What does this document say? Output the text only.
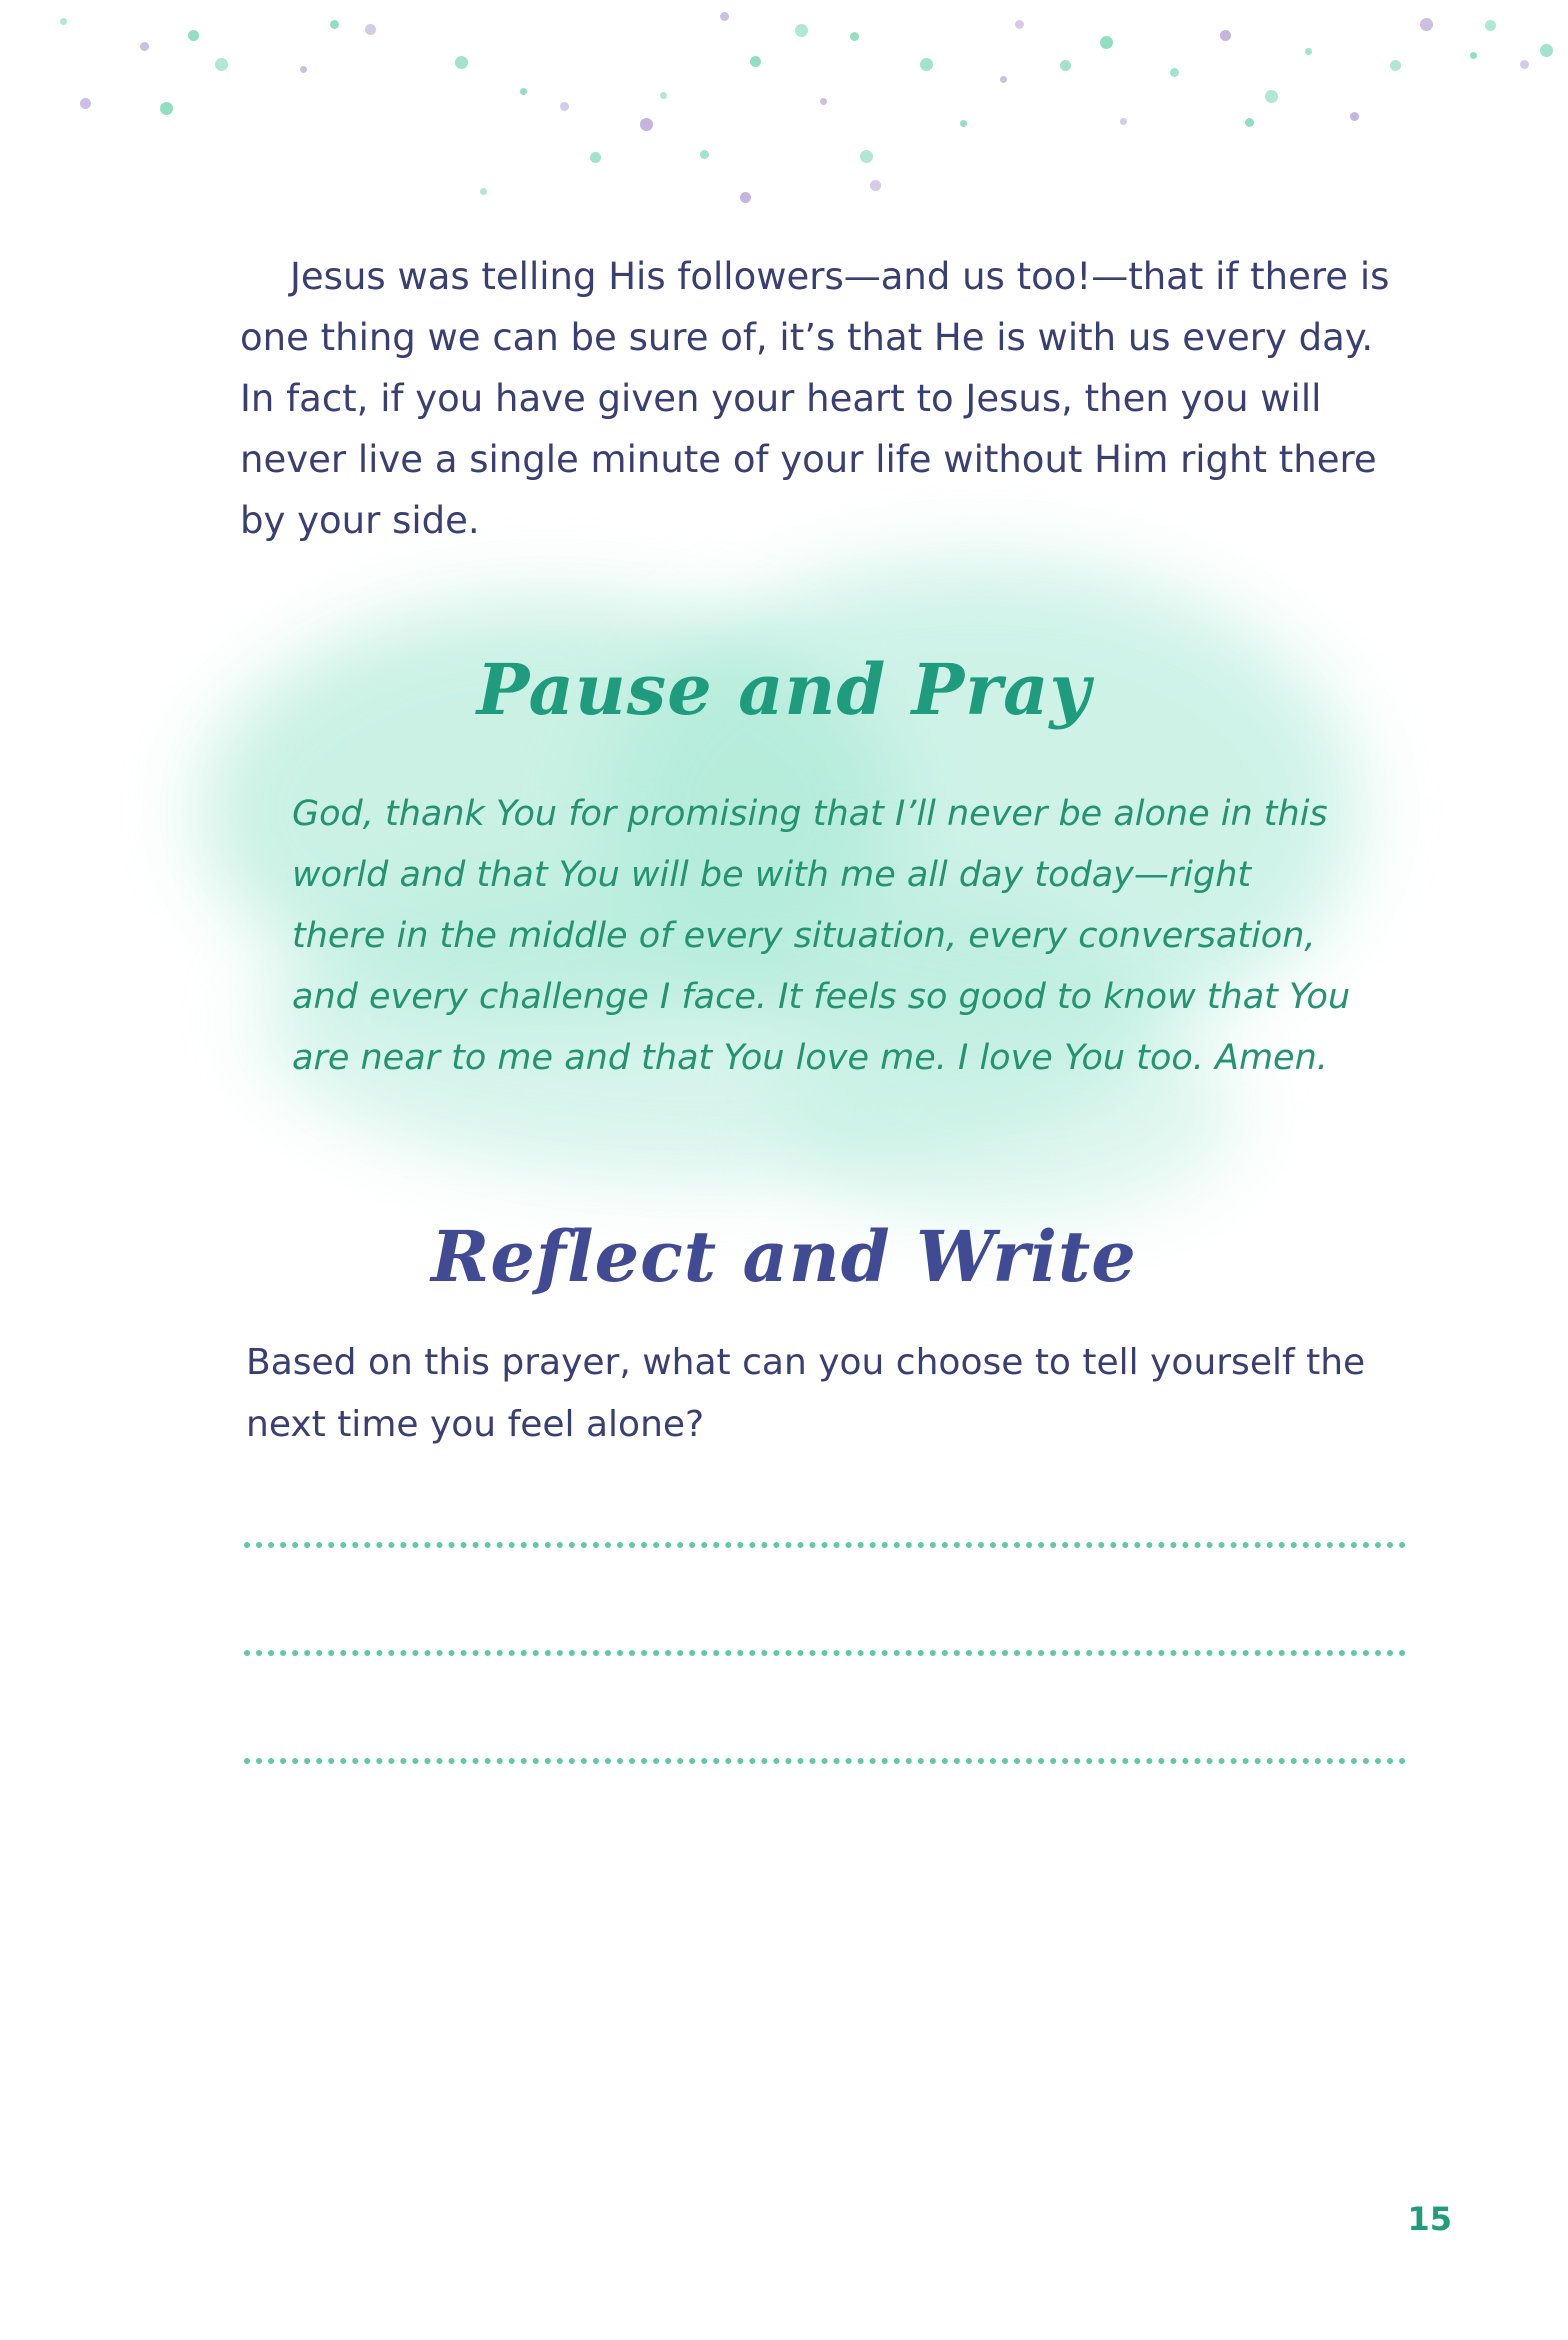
Jesus was telling His followers—and us too!—that if there is one thing we can be sure of, it’s that He is with us every day. In fact, if you have given your heart to Jesus, then you will never live a single minute of your life without Him right there by your side.

Pause and Pray

God, thank You for promising that I’ll never be alone in this world and that You will be with me all day today—right there in the middle of every situation, every conversation, and every challenge I face. It feels so good to know that You are near to me and that You love me. I love You too. Amen.

Reflect and Write

Based on this prayer, what can you choose to tell yourself the next time you feel alone?

15
